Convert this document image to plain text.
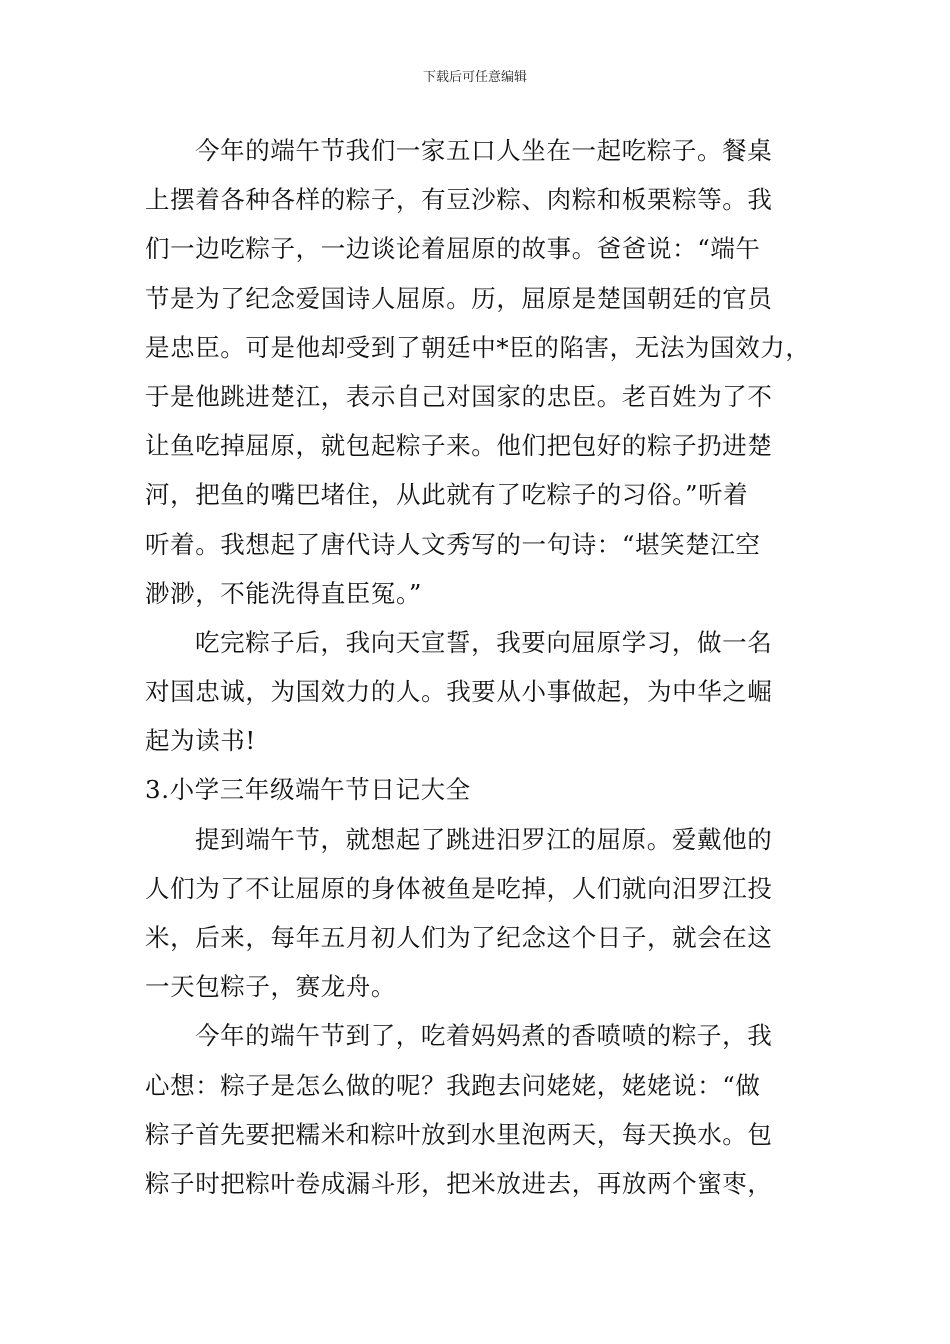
下载后可任意编辑
今年的端午节我们一家五口人坐在一起吃粽子。餐桌
上摆着各种各样的粽子，有豆沙粽、肉粽和板栗粽等。我
们一边吃粽子，一边谈论着屈原的故事。爸爸说：“端午
节是为了纪念爱国诗人屈原。历，屈原是楚国朝廷的官员
是忠臣。可是他却受到了朝廷中*臣的陷害，无法为国效力，
于是他跳进楚江，表示自己对国家的忠臣。老百姓为了不
让鱼吃掉屈原，就包起粽子来。他们把包好的粽子扔进楚
河，把鱼的嘴巴堵住，从此就有了吃粽子的习俗。”听着
听着。我想起了唐代诗人文秀写的一句诗：“堪笑楚江空
渺渺，不能洗得直臣冤。”
吃完粽子后，我向天宣誓，我要向屈原学习，做一名
对国忠诚，为国效力的人。我要从小事做起，为中华之崛
起为读书!
3.小学三年级端午节日记大全
提到端午节，就想起了跳进汨罗江的屈原。爱戴他的
人们为了不让屈原的身体被鱼是吃掉，人们就向汨罗江投
米，后来，每年五月初人们为了纪念这个日子，就会在这
一天包粽子，赛龙舟。
今年的端午节到了，吃着妈妈煮的香喷喷的粽子，我
心想：粽子是怎么做的呢？我跑去问姥姥，姥姥说：“做
粽子首先要把糯米和粽叶放到水里泡两天，每天换水。包
粽子时把粽叶卷成漏斗形，把米放进去，再放两个蜜枣，
